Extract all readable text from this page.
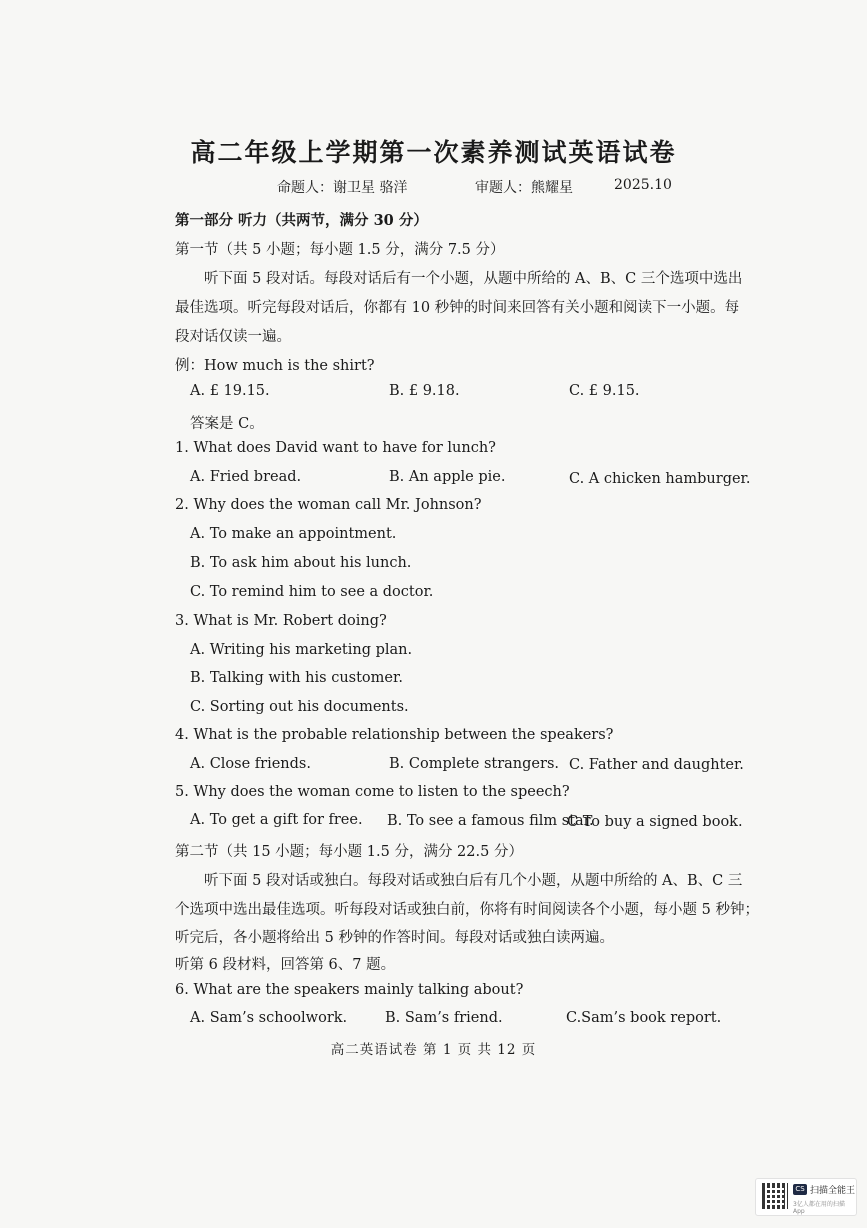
高二年级上学期第一次素养测试英语试卷
命题人：谢卫星 骆洋	审题人：熊耀星	2025.10
第一部分 听力（共两节，满分 30 分）
第一节（共 5 小题；每小题 1.5 分，满分 7.5 分）
听下面 5 段对话。每段对话后有一个小题，从题中所给的 A、B、C 三个选项中选出
最佳选项。听完每段对话后，你都有 10 秒钟的时间来回答有关小题和阅读下一小题。每
段对话仅读一遍。
例：How much is the shirt?
A. £ 19.15.	B. £ 9.18.	C. £ 9.15.
答案是 C。
1. What does David want to have for lunch?
A. Fried bread.	B. An apple pie.	C. A chicken hamburger.
2. Why does the woman call Mr. Johnson?
A. To make an appointment.
B. To ask him about his lunch.
C. To remind him to see a doctor.
3. What is Mr. Robert doing?
A. Writing his marketing plan.
B. Talking with his customer.
C. Sorting out his documents.
4. What is the probable relationship between the speakers?
A. Close friends.	B. Complete strangers. C. Father and daughter.
5. Why does the woman come to listen to the speech?
A. To get a gift for free. B. To see a famous film star.
C To buy a signed book.
第二节（共 15 小题；每小题 1.5 分，满分 22.5 分）
听下面 5 段对话或独白。每段对话或独白后有几个小题，从题中所给的 A、B、C 三
个选项中选出最佳选项。听每段对话或独白前，你将有时间阅读各个小题，每小题 5 秒钟；
听完后，各小题将给出 5 秒钟的作答时间。每段对话或独白读两遍。
听第 6 段材料，回答第 6、7 题。
6. What are the speakers mainly talking about?
A. Sam’s schoolwork.	B. Sam’s friend.	C.Sam’s book report.
高二英语试卷 第 1 页 共 12 页
CS 扫描全能王
3亿人都在用的扫描App
